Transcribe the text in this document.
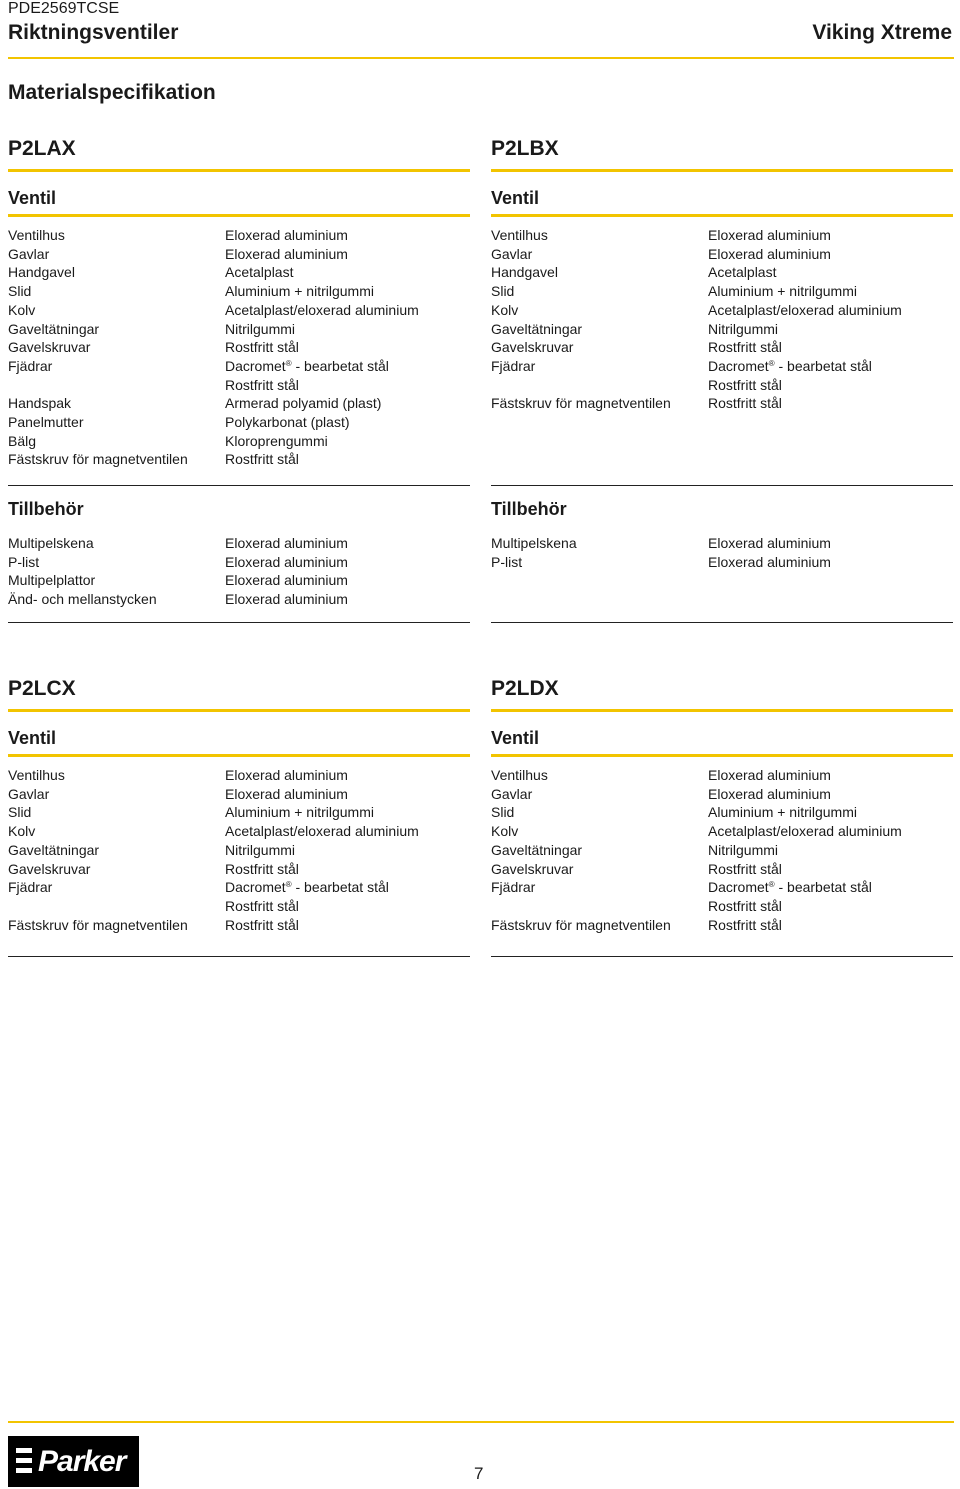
PDE2569TCSE
Riktningsventiler	Viking Xtreme
Materialspecifikation
P2LAX
Ventil
Ventilhus	Eloxerad aluminium
Gavlar	Eloxerad aluminium
Handgavel	Acetalplast
Slid	Aluminium + nitrilgummi
Kolv	Acetalplast/eloxerad aluminium
Gaveltätningar	Nitrilgummi
Gavelskruvar	Rostfritt stål
Fjädrar	Dacromet® - bearbetat stål
Rostfritt stål
Handspak	Armerad polyamid (plast)
Panelmutter	Polykarbonat (plast)
Bälg	Kloroprengummi
Fästskruv för magnetventilen	Rostfritt stål
Tillbehör
Multipelskena	Eloxerad aluminium
P-list	Eloxerad aluminium
Multipelplattor	Eloxerad aluminium
Änd- och mellanstycken	Eloxerad aluminium
P2LBX
Ventil
Ventilhus	Eloxerad aluminium
Gavlar	Eloxerad aluminium
Handgavel	Acetalplast
Slid	Aluminium + nitrilgummi
Kolv	Acetalplast/eloxerad aluminium
Gaveltätningar	Nitrilgummi
Gavelskruvar	Rostfritt stål
Fjädrar	Dacromet® - bearbetat stål
Rostfritt stål
Fästskruv för magnetventilen	Rostfritt stål
Tillbehör
Multipelskena	Eloxerad aluminium
P-list	Eloxerad aluminium
P2LCX
Ventil
Ventilhus	Eloxerad aluminium
Gavlar	Eloxerad aluminium
Slid	Aluminium + nitrilgummi
Kolv	Acetalplast/eloxerad aluminium
Gaveltätningar	Nitrilgummi
Gavelskruvar	Rostfritt stål
Fjädrar	Dacromet® - bearbetat stål
Rostfritt stål
Fästskruv för magnetventilen	Rostfritt stål
P2LDX
Ventil
Ventilhus	Eloxerad aluminium
Gavlar	Eloxerad aluminium
Slid	Aluminium + nitrilgummi
Kolv	Acetalplast/eloxerad aluminium
Gaveltätningar	Nitrilgummi
Gavelskruvar	Rostfritt stål
Fjädrar	Dacromet® - bearbetat stål
Rostfritt stål
Fästskruv för magnetventilen	Rostfritt stål
Parker	7
